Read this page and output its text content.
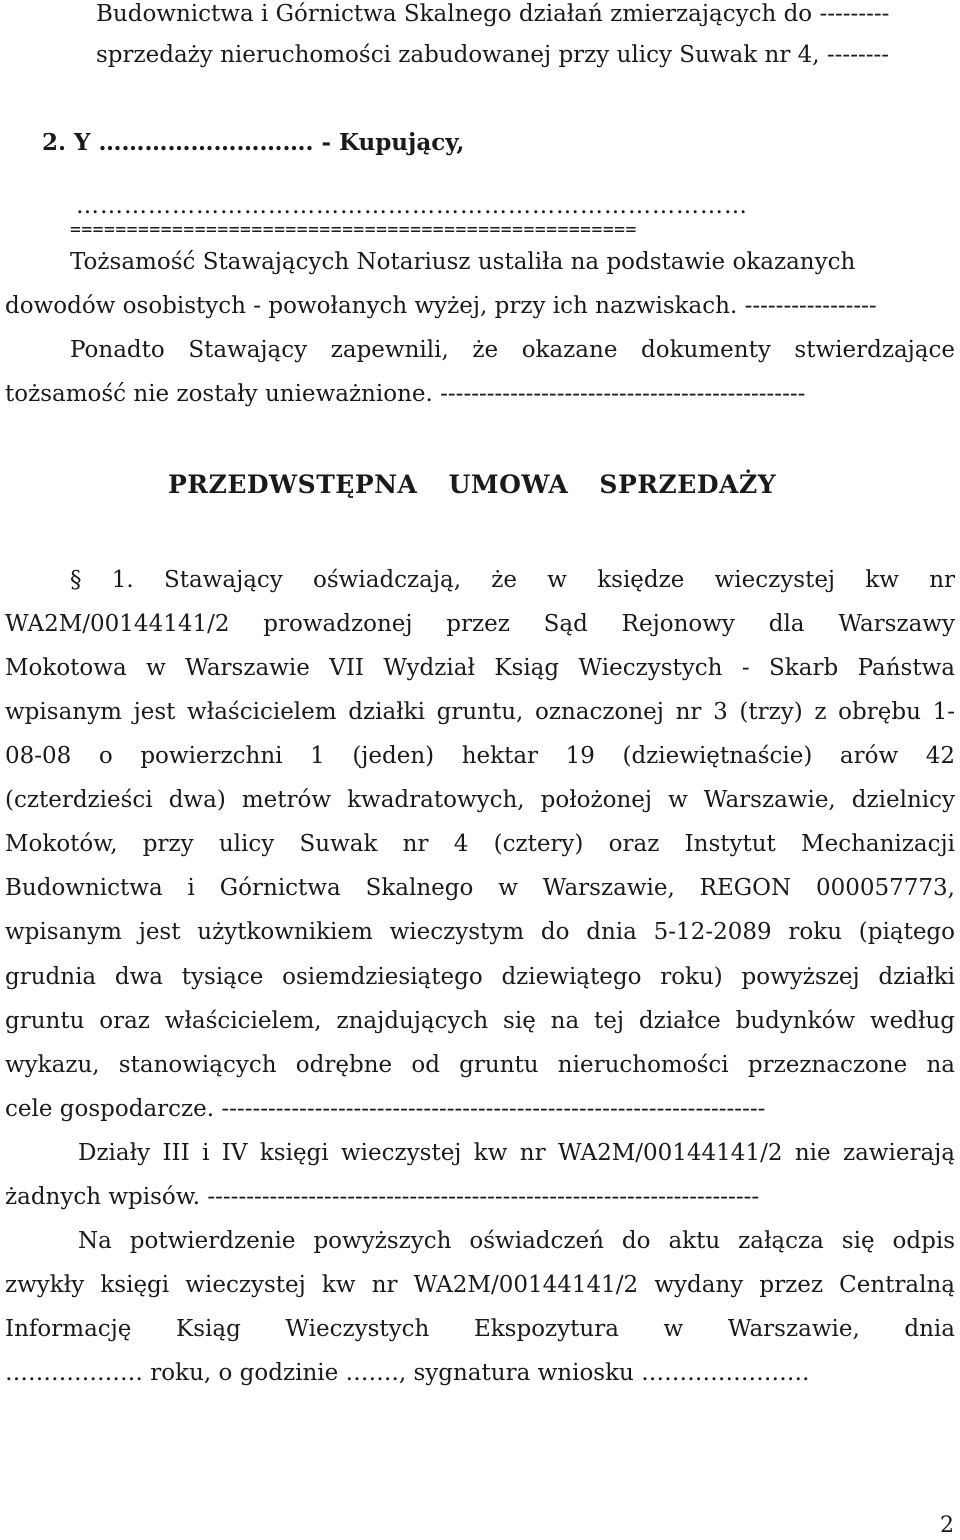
Budownictwa i Górnictwa Skalnego działań zmierzających do ---------

sprzedaży nieruchomości zabudowanej przy ulicy Suwak nr 4, --------

2. Y ………………………. - Kupujący,

…………………………………………………………………………

==================================================

Tożsamość Stawających Notariusz ustaliła na podstawie okazanych

dowodów osobistych - powołanych wyżej, przy ich nazwiskach. -----------------

Ponadto Stawający zapewnili, że okazane dokumenty stwierdzające

tożsamość nie zostały unieważnione. -----------------------------------------------

PRZEDWSTĘPNA UMOWA SPRZEDAŻY

§ 1. Stawający oświadczają, że w księdze wieczystej kw nr

WA2M/00144141/2 prowadzonej przez Sąd Rejonowy dla Warszawy

Mokotowa w Warszawie VII Wydział Ksiąg Wieczystych - Skarb Państwa

wpisanym jest właścicielem działki gruntu, oznaczonej nr 3 (trzy) z obrębu 1-

08-08 o powierzchni 1 (jeden) hektar 19 (dziewiętnaście) arów 42

(czterdzieści dwa) metrów kwadratowych, położonej w Warszawie, dzielnicy

Mokotów, przy ulicy Suwak nr 4 (cztery) oraz Instytut Mechanizacji

Budownictwa i Górnictwa Skalnego w Warszawie, REGON 000057773,

wpisanym jest użytkownikiem wieczystym do dnia 5-12-2089 roku (piątego

grudnia dwa tysiące osiemdziesiątego dziewiątego roku) powyższej działki

gruntu oraz właścicielem, znajdujących się na tej działce budynków według

wykazu, stanowiących odrębne od gruntu nieruchomości przeznaczone na

cele gospodarcze. ----------------------------------------------------------------------

Działy III i IV księgi wieczystej kw nr WA2M/00144141/2 nie zawierają

żadnych wpisów. -----------------------------------------------------------------------

Na potwierdzenie powyższych oświadczeń do aktu załącza się odpis

zwykły księgi wieczystej kw nr WA2M/00144141/2 wydany przez Centralną

Informację Ksiąg Wieczystych Ekspozytura w Warszawie, dnia

……………… roku, o godzinie ……., sygnatura wniosku ………………….

2
